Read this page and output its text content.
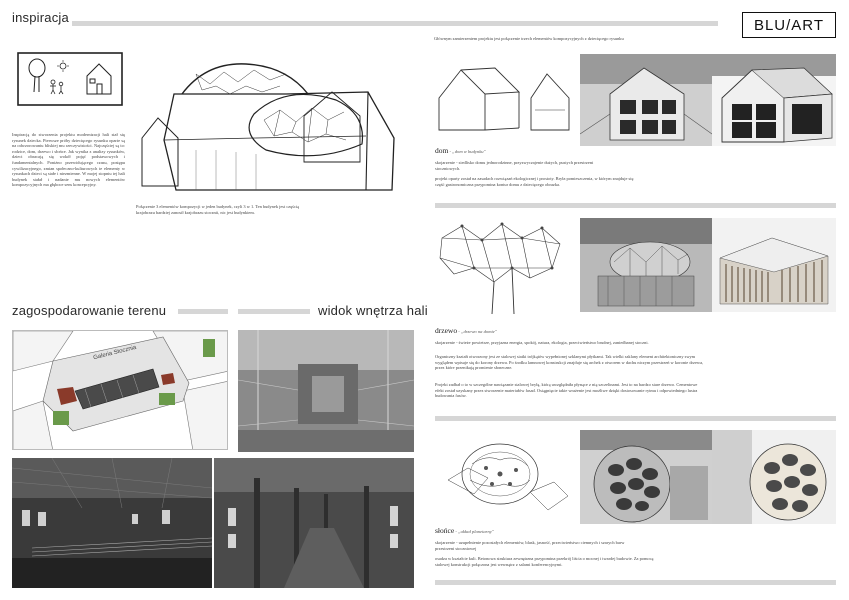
inspiracja	BLU/ART
Inspiracją do stworzenia projektu modernizacji hali stał się rysunek dziecka. Pierwsze próby dziecięcego rysunku oparte są na odwzorowaniu bliskiej mu rzeczywistości. Najczęściej są to: rodzice, dom, drzewo i słońce. Jak wynika z analizy rysunków, dzieci obracają się wokół pojęć podstawowych i fundamentalnych. Poniżno przewidującego czasu, postępu cywilizacyjnego, zmian społeczno-kulturowych te elementy w rysunkach dzieci są stałe i niezmienne. W mojej stopniu tej hali budynek stałał i nadanie mu nowych elementów kompozycyjnych ma głęboce sens koncepcyjny.
Połączenie 3 elementów kompozycji w jeden budynek, czyli 3 w 1. Ten budynek jest częścią krajobrazu bardziej zanosił krajobrazu stocznii, nic jest budynkiem.
Głównym zamierzeniem projektu jest połączenie trzech elementów kompozycyjnych z dziecięcego rysunku
dom - „dom w budynku"
skojarzenie - siedlisko domu jednorodzinne, przyzwyczajenie dużych, pustych przestrzeni stoczniowych.
projekt oparty został na zasadach rozwiązań ekologicznej i prostoty. Bryła pomieszczenia, w którym znajduje się część gastronomiczna przypomina kontur domu z dziecięcego obrazka.
drzewo - „drzewo na domie"
skojarzenie - świeże powietrze, przyjazna energia, spokój, natura, ekologia, przeciwieństwo brudnej, zaniedbanej stoczni.
Organiczny kształt otworzony jest ze stalowej siatki trójkątów wypełnionej szklanymi płytkami. Tak wielki szklany element architektoniczny swym wyglądem wpisuje się do korony drzewa. Po środku lamnowej konstrukcji znajduje się archek z otworem w dachu niczym przestrzeń w koronie drzewa, przez które przenikają promienie słoneczne.
Projekt zadbał o to w szczególne nawiązanie stalowej bryłą, którą uwzględniła płynące z nią szczelinami. Jest to na bardzo stare drzewo. Cementowe efekt został uzyskany przez stworzenie materiałów fasad. Osiągnięcie takie wrażenie jest możliwe dzięki dostosowanie rytmu i odpowiedniego lustra budowania fasów.
słońce - „układ planetarny"
skojarzenie - uzupełnienie pozostałych elementów, blask, jasność, przeciwieństwo ciemnych i szarych barw przestrzeni stoczniowej
osadza w kształcie kuli. Betonowa struktura zewnętrzna przypomina przekrój liścia o mocnej i twardej budowie. Za pomocą stalowej konstrukcji połączona jest wewnątrz z salami konferencyjnymi.
zagospodarowanie terenu	widok wnętrza hali
Galeria Stocznia
